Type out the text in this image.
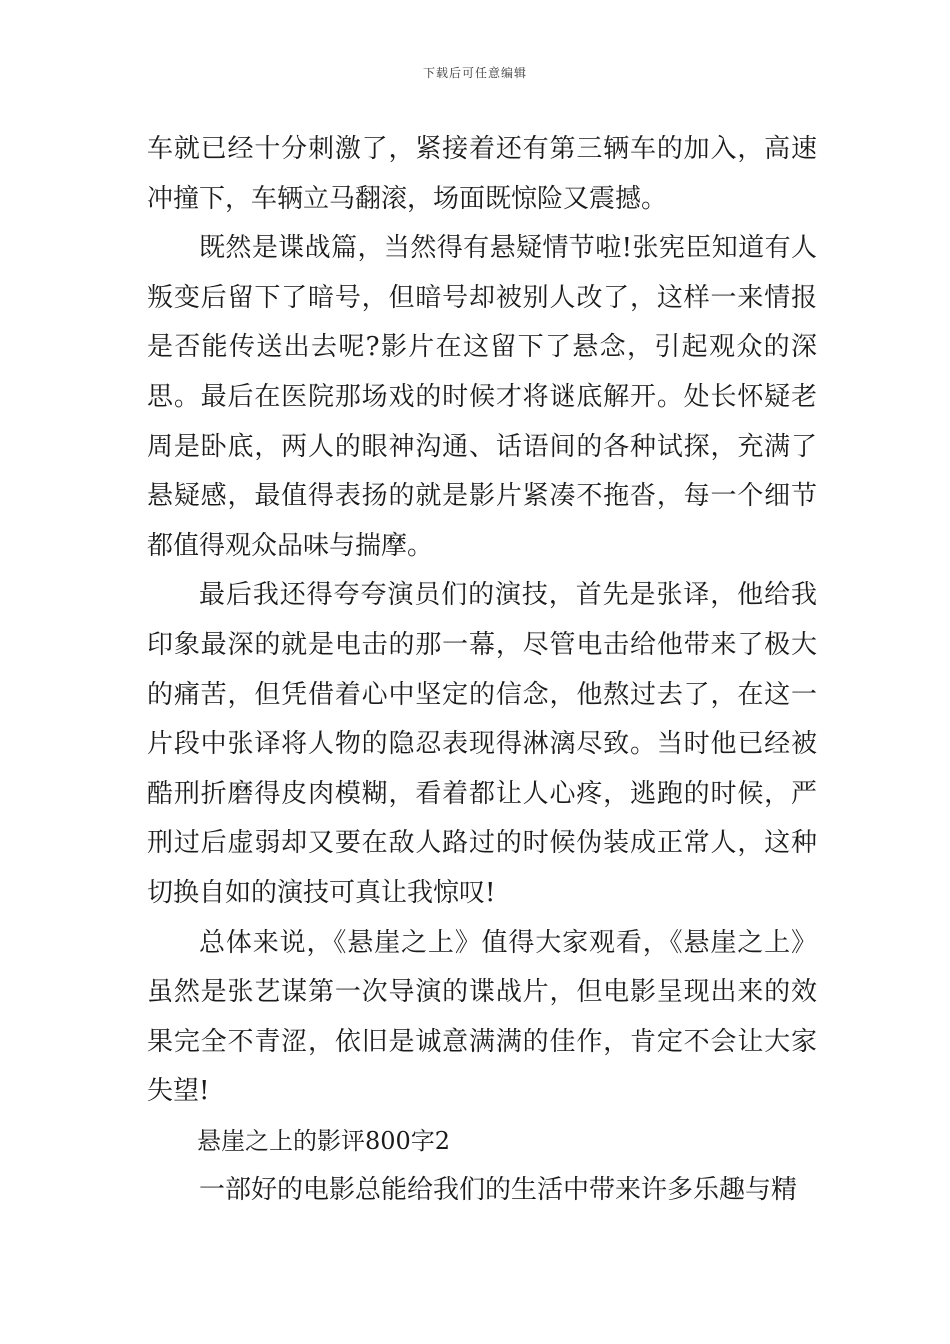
下载后可任意编辑

车就已经十分刺激了，紧接着还有第三辆车的加入，高速冲撞下，车辆立马翻滚，场面既惊险又震撼。

既然是谍战篇，当然得有悬疑情节啦!张宪臣知道有人叛变后留下了暗号，但暗号却被别人改了，这样一来情报是否能传送出去呢?影片在这留下了悬念，引起观众的深思。最后在医院那场戏的时候才将谜底解开。处长怀疑老周是卧底，两人的眼神沟通、话语间的各种试探，充满了悬疑感，最值得表扬的就是影片紧凑不拖沓，每一个细节都值得观众品味与揣摩。

最后我还得夸夸演员们的演技，首先是张译，他给我印象最深的就是电击的那一幕，尽管电击给他带来了极大的痛苦，但凭借着心中坚定的信念，他熬过去了，在这一片段中张译将人物的隐忍表现得淋漓尽致。当时他已经被酷刑折磨得皮肉模糊，看着都让人心疼，逃跑的时候，严刑过后虚弱却又要在敌人路过的时候伪装成正常人，这种切换自如的演技可真让我惊叹!

总体来说，《悬崖之上》值得大家观看，《悬崖之上》虽然是张艺谋第一次导演的谍战片，但电影呈现出来的效果完全不青涩，依旧是诚意满满的佳作，肯定不会让大家失望!

悬崖之上的影评800字2

一部好的电影总能给我们的生活中带来许多乐趣与精
